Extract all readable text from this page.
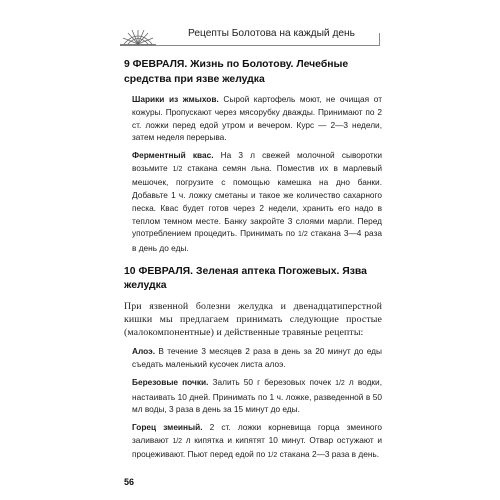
Рецепты Болотова на каждый день
9 ФЕВРАЛЯ. Жизнь по Болотову. Лечебные средства при язве желудка

Шарики из жмыхов. Сырой картофель моют, не очищая от кожуры. Пропускают через мясорубку дважды. Принимают по 2 ст. ложки перед едой утром и вечером. Курс — 2—3 недели, затем неделя перерыва.

Ферментный квас. На 3 л свежей молочной сыворотки возьмите 1/2 стакана семян льна. Поместив их в марлевый мешочек, погрузите с помощью камешка на дно банки. Добавьте 1 ч. ложку сметаны и такое же количество сахарного песка. Квас будет готов через 2 недели, хранить его надо в теплом темном месте. Банку закройте 3 слоями марли. Перед употреблением процедить. Принимать по 1/2 стакана 3—4 раза в день до еды.

10 ФЕВРАЛЯ. Зеленая аптека Погожевых. Язва желудка

При язвенной болезни желудка и двенадцатиперстной кишки мы предлагаем принимать следующие простые (малокомпонентные) и действенные травяные рецепты:

Алоэ. В течение 3 месяцев 2 раза в день за 20 минут до еды съедать маленький кусочек листа алоэ.

Березовые почки. Залить 50 г березовых почек 1/2 л водки, настаивать 10 дней. Принимать по 1 ч. ложке, разведенной в 50 мл воды, 3 раза в день за 15 минут до еды.

Горец змеиный. 2 ст. ложки корневища горца змеиного заливают 1/2 л кипятка и кипятят 10 минут. Отвар остужают и процеживают. Пьют перед едой по 1/2 стакана 2—3 раза в день.

56
